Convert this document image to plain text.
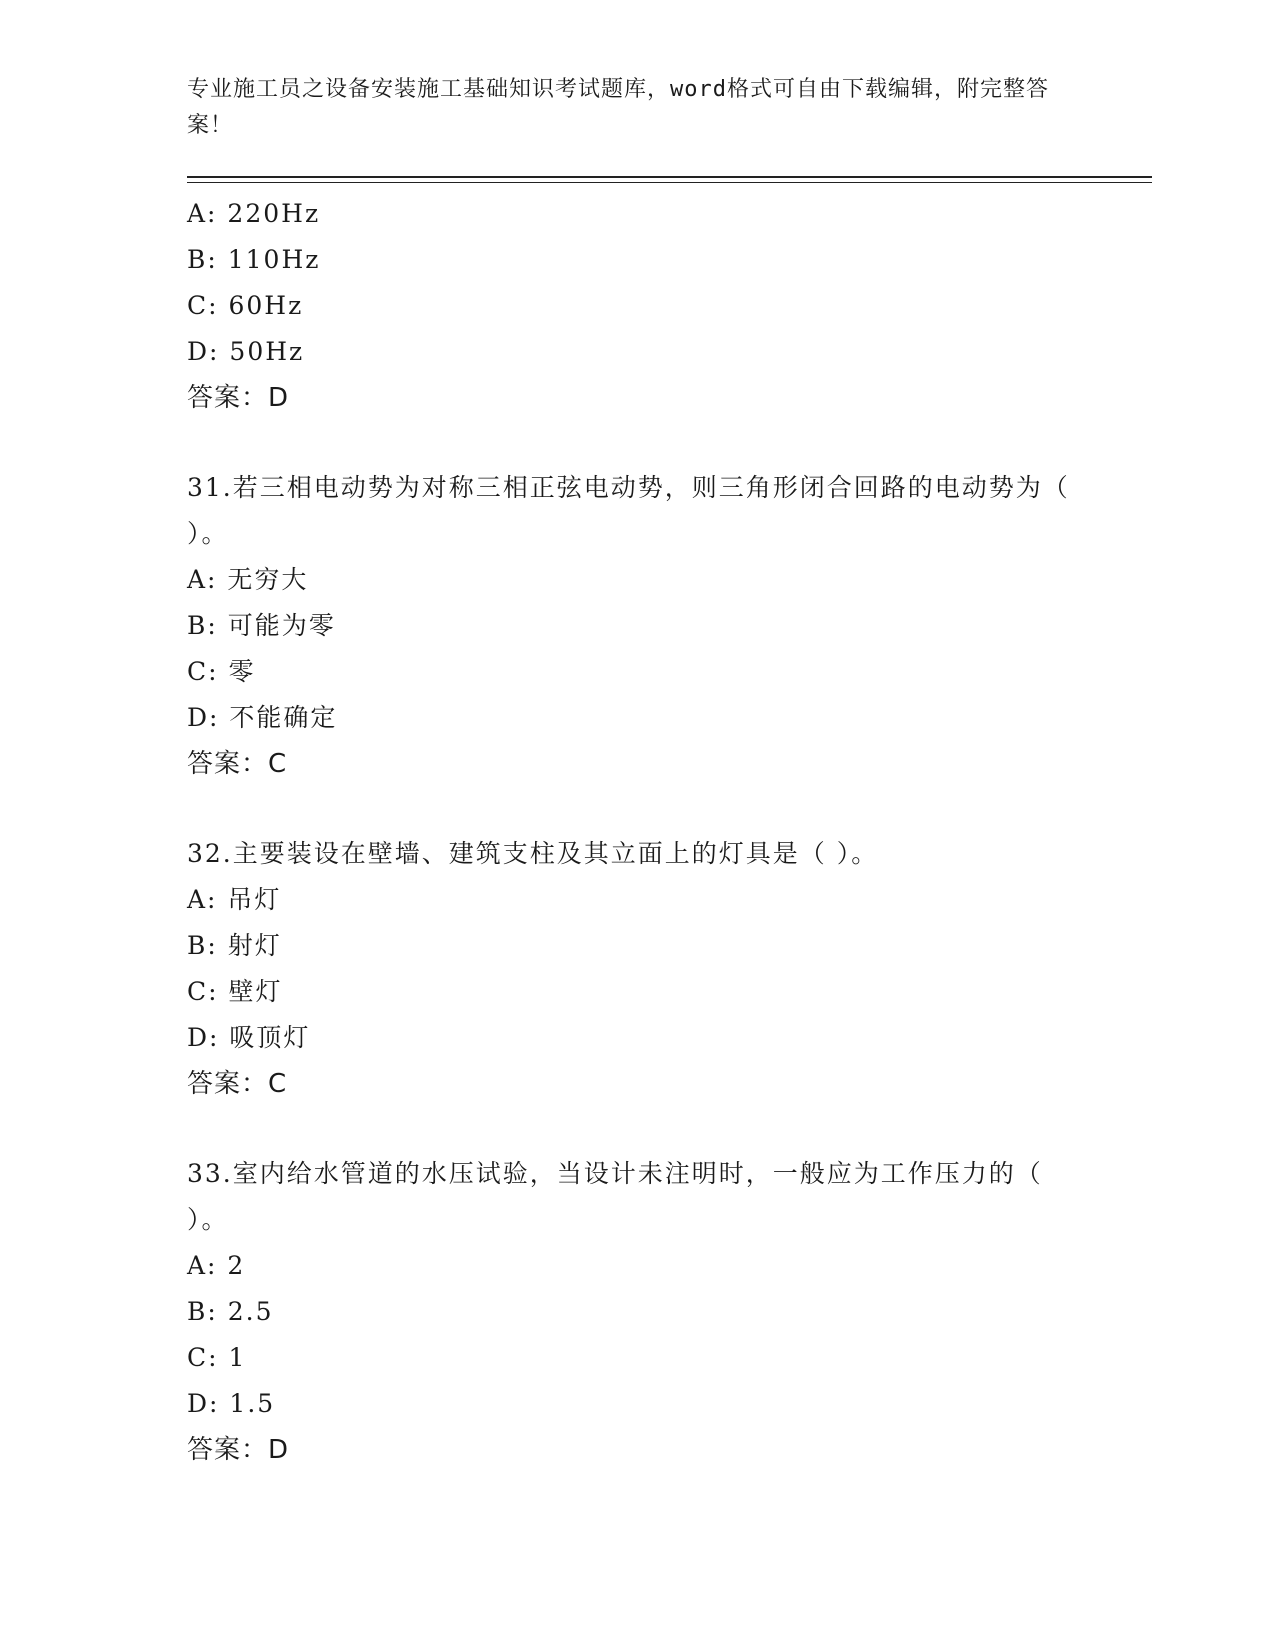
专业施工员之设备安装施工基础知识考试题库，word格式可自由下载编辑，附完整答案！
A: 220Hz
B: 110Hz
C: 60Hz
D: 50Hz
答案：D
31.若三相电动势为对称三相正弦电动势，则三角形闭合回路的电动势为（ ）。
A: 无穷大
B: 可能为零
C: 零
D: 不能确定
答案：C
32.主要装设在壁墙、建筑支柱及其立面上的灯具是（ ）。
A: 吊灯
B: 射灯
C: 壁灯
D: 吸顶灯
答案：C
33.室内给水管道的水压试验，当设计未注明时，一般应为工作压力的（ ）。
A: 2
B: 2.5
C: 1
D: 1.5
答案：D
